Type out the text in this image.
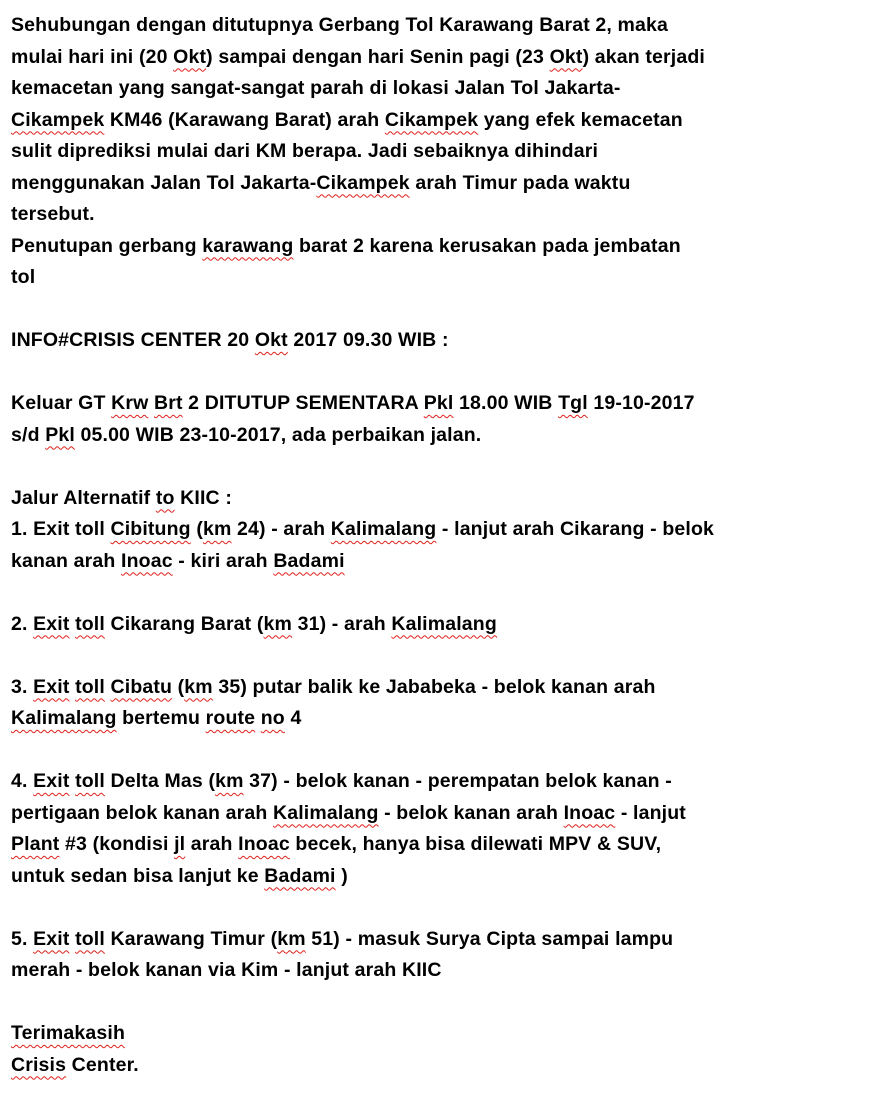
Sehubungan dengan ditutupnya Gerbang Tol Karawang Barat 2, maka
mulai hari ini (20 Okt) sampai dengan hari Senin pagi (23 Okt) akan terjadi
kemacetan yang sangat-sangat parah di lokasi Jalan Tol Jakarta-
Cikampek KM46 (Karawang Barat) arah Cikampek yang efek kemacetan
sulit diprediksi mulai dari KM berapa. Jadi sebaiknya dihindari
menggunakan Jalan Tol Jakarta-Cikampek arah Timur pada waktu
tersebut.
Penutupan gerbang karawang barat 2 karena kerusakan pada jembatan
tol
INFO#CRISIS CENTER 20 Okt 2017 09.30 WIB :
Keluar GT Krw Brt 2 DITUTUP SEMENTARA Pkl 18.00 WIB Tgl 19-10-2017
s/d Pkl 05.00 WIB 23-10-2017, ada perbaikan jalan.
Jalur Alternatif to KIIC :
1. Exit toll Cibitung (km 24) - arah Kalimalang - lanjut arah Cikarang - belok
kanan arah Inoac - kiri arah Badami
2. Exit toll Cikarang Barat (km 31) - arah Kalimalang
3. Exit toll Cibatu (km 35) putar balik ke Jababeka - belok kanan arah
Kalimalang bertemu route no 4
4. Exit toll Delta Mas (km 37) - belok kanan - perempatan belok kanan -
pertigaan belok kanan arah Kalimalang - belok kanan arah Inoac - lanjut
Plant #3 (kondisi jl arah Inoac becek, hanya bisa dilewati MPV & SUV,
untuk sedan bisa lanjut ke Badami )
5. Exit toll Karawang Timur (km 51) - masuk Surya Cipta sampai lampu
merah - belok kanan via Kim - lanjut arah KIIC
Terimakasih
Crisis Center.
